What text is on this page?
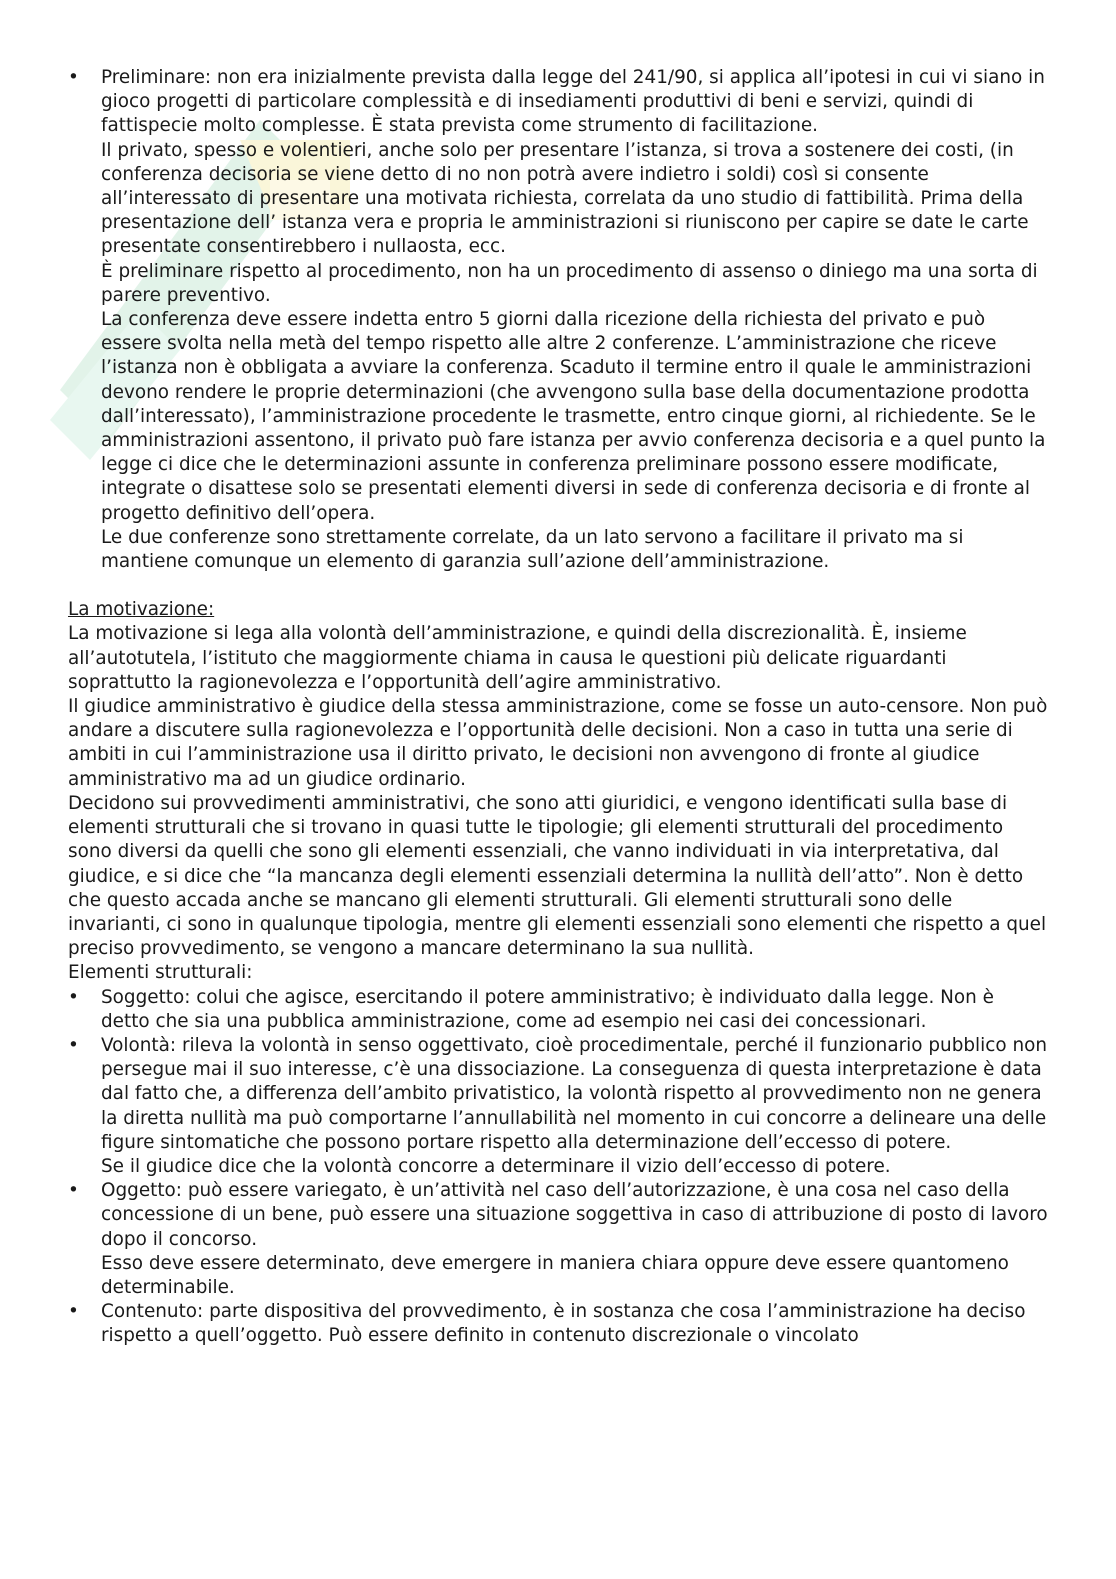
• Preliminare: non era inizialmente prevista dalla legge del 241/90, si applica all’ipotesi in cui vi siano in gioco progetti di particolare complessità e di insediamenti produttivi di beni e servizi, quindi di fattispecie molto complesse. È stata prevista come strumento di facilitazione.

Il privato, spesso e volentieri, anche solo per presentare l’istanza, si trova a sostenere dei costi, (in conferenza decisoria se viene detto di no non potrà avere indietro i soldi) così si consente all’interessato di presentare una motivata richiesta, correlata da uno studio di fattibilità. Prima della presentazione dell’ istanza vera e propria le amministrazioni si riuniscono per capire se date le carte presentate consentirebbero i nullaosta, ecc.

È preliminare rispetto al procedimento, non ha un procedimento di assenso o diniego ma una sorta di parere preventivo.

La conferenza deve essere indetta entro 5 giorni dalla ricezione della richiesta del privato e può essere svolta nella metà del tempo rispetto alle altre 2 conferenze. L’amministrazione che riceve l’istanza non è obbligata a avviare la conferenza. Scaduto il termine entro il quale le amministrazioni devono rendere le proprie determinazioni (che avvengono sulla base della documentazione prodotta dall’interessato), l’amministrazione procedente le trasmette, entro cinque giorni, al richiedente. Se le amministrazioni assentono, il privato può fare istanza per avvio conferenza decisoria e a quel punto la legge ci dice che le determinazioni assunte in conferenza preliminare possono essere modificate, integrate o disattese solo se presentati elementi diversi in sede di conferenza decisoria e di fronte al progetto definitivo dell’opera.

Le due conferenze sono strettamente correlate, da un lato servono a facilitare il privato ma si mantiene comunque un elemento di garanzia sull’azione dell’amministrazione.

La motivazione:

La motivazione si lega alla volontà dell’amministrazione, e quindi della discrezionalità. È, insieme all’autotutela, l’istituto che maggiormente chiama in causa le questioni più delicate riguardanti soprattutto la ragionevolezza e l’opportunità dell’agire amministrativo.

Il giudice amministrativo è giudice della stessa amministrazione, come se fosse un auto-censore. Non può andare a discutere sulla ragionevolezza e l’opportunità delle decisioni. Non a caso in tutta una serie di ambiti in cui l’amministrazione usa il diritto privato, le decisioni non avvengono di fronte al giudice amministrativo ma ad un giudice ordinario.

Decidono sui provvedimenti amministrativi, che sono atti giuridici, e vengono identificati sulla base di elementi strutturali che si trovano in quasi tutte le tipologie; gli elementi strutturali del procedimento sono diversi da quelli che sono gli elementi essenziali, che vanno individuati in via interpretativa, dal giudice, e si dice che “la mancanza degli elementi essenziali determina la nullità dell’atto”. Non è detto che questo accada anche se mancano gli elementi strutturali. Gli elementi strutturali sono delle invarianti, ci sono in qualunque tipologia, mentre gli elementi essenziali sono elementi che rispetto a quel preciso provvedimento, se vengono a mancare determinano la sua nullità.

Elementi strutturali:

• Soggetto: colui che agisce, esercitando il potere amministrativo; è individuato dalla legge. Non è detto che sia una pubblica amministrazione, come ad esempio nei casi dei concessionari.

• Volontà: rileva la volontà in senso oggettivato, cioè procedimentale, perché il funzionario pubblico non persegue mai il suo interesse, c’è una dissociazione. La conseguenza di questa interpretazione è data dal fatto che, a differenza dell’ambito privatistico, la volontà rispetto al provvedimento non ne genera la diretta nullità ma può comportarne l’annullabilità nel momento in cui concorre a delineare una delle figure sintomatiche che possono portare rispetto alla determinazione dell’eccesso di potere.

Se il giudice dice che la volontà concorre a determinare il vizio dell’eccesso di potere.

• Oggetto: può essere variegato, è un’attività nel caso dell’autorizzazione, è una cosa nel caso della concessione di un bene, può essere una situazione soggettiva in caso di attribuzione di posto di lavoro dopo il concorso.

Esso deve essere determinato, deve emergere in maniera chiara oppure deve essere quantomeno determinabile.

• Contenuto: parte dispositiva del provvedimento, è in sostanza che cosa l’amministrazione ha deciso rispetto a quell’oggetto. Può essere definito in contenuto discrezionale o vincolato
